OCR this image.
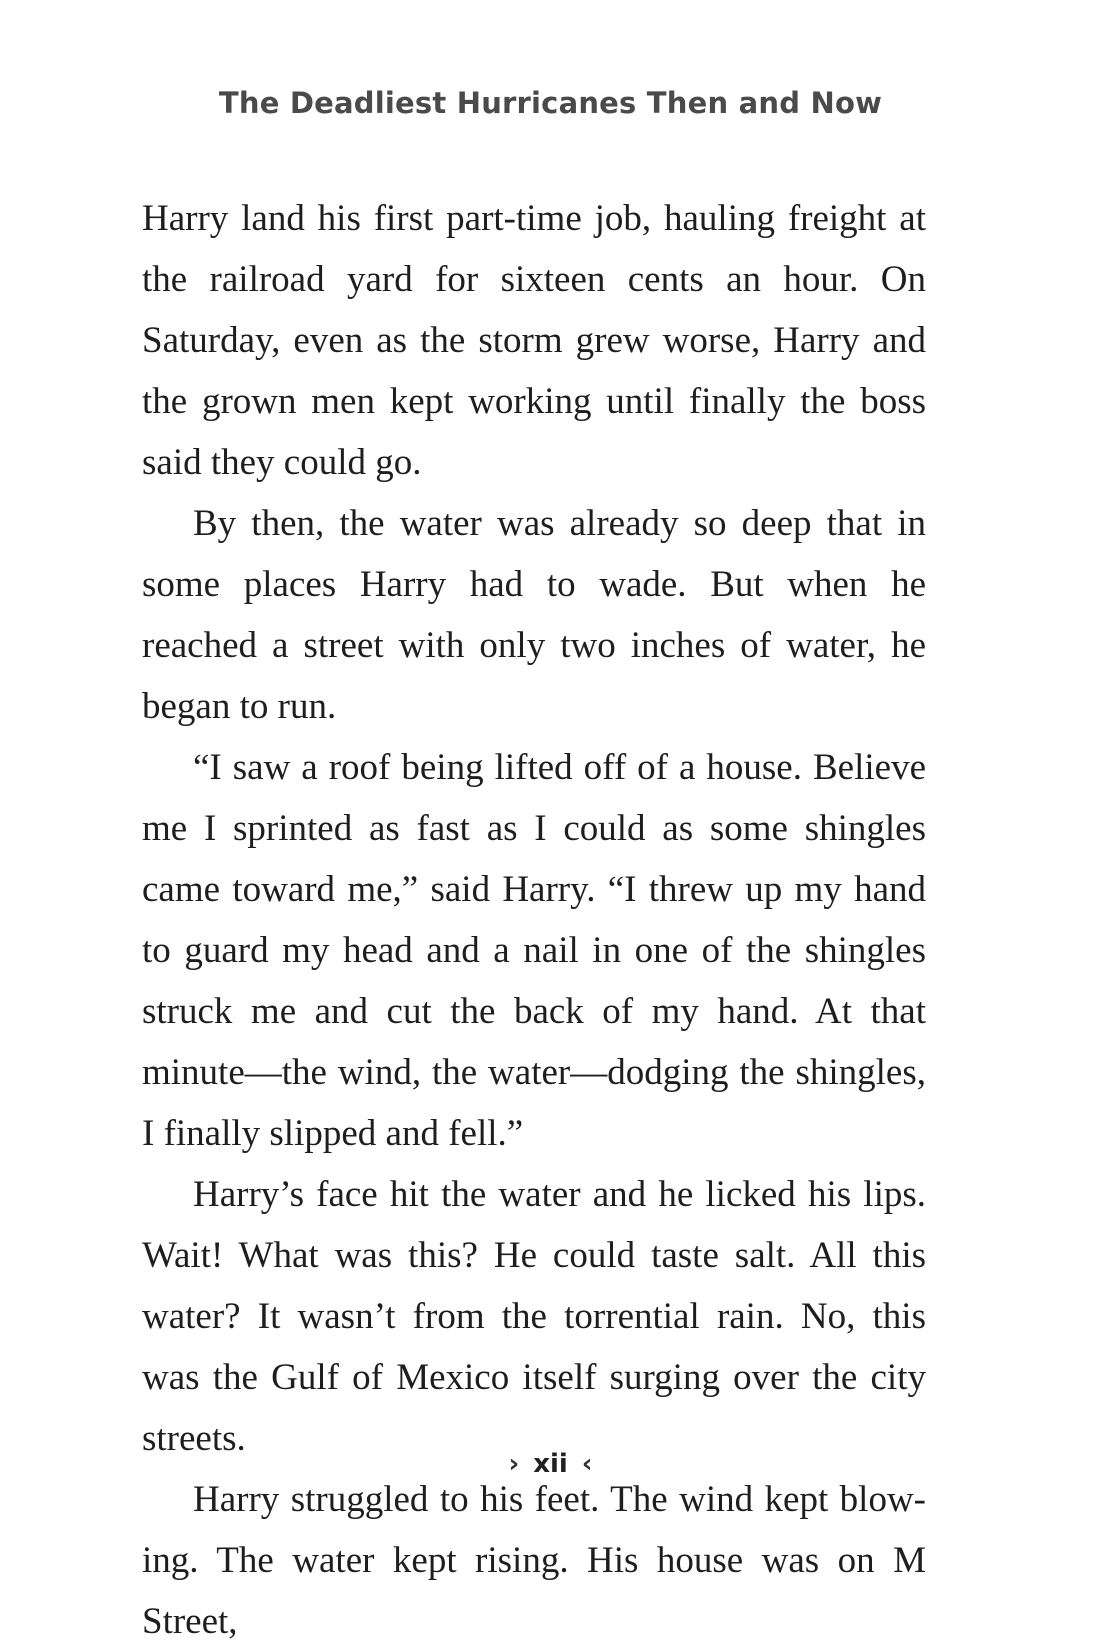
The Deadliest Hurricanes Then and Now

Harry land his first part-time job, hauling freight at the railroad yard for sixteen cents an hour. On Saturday, even as the storm grew worse, Harry and the grown men kept working until finally the boss said they could go.

By then, the water was already so deep that in some places Harry had to wade. But when he reached a street with only two inches of water, he began to run.

“I saw a roof being lifted off of a house. Believe me I sprinted as fast as I could as some shingles came toward me,” said Harry. “I threw up my hand to guard my head and a nail in one of the shingles struck me and cut the back of my hand. At that minute—the wind, the water—dodging the shingles, I finally slipped and fell.”

Harry’s face hit the water and he licked his lips. Wait! What was this? He could taste salt. All this water? It wasn’t from the torrential rain. No, this was the Gulf of Mexico itself surging over the city streets.

Harry struggled to his feet. The wind kept blowing. The water kept rising. His house was on M Street,

› xii ‹
